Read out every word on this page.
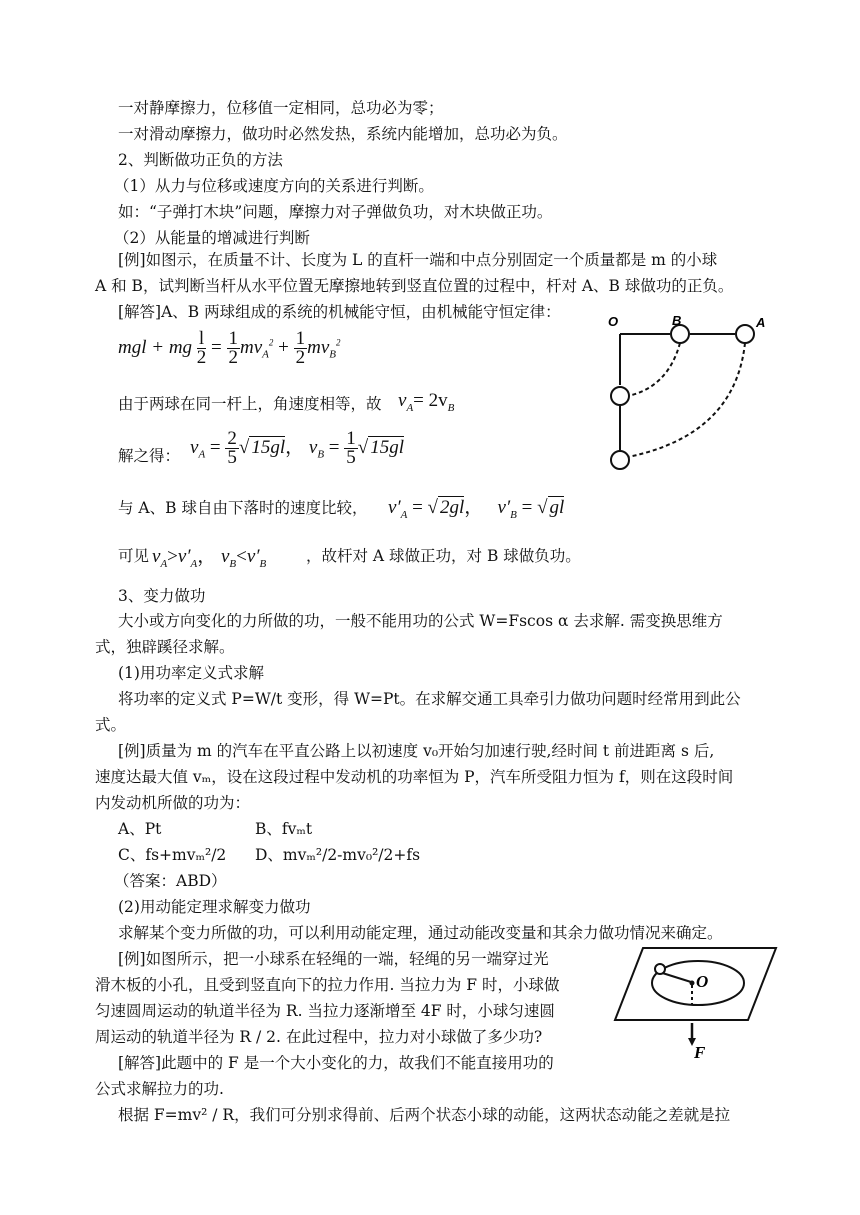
一对静摩擦力，位移值一定相同，总功必为零；
一对滑动摩擦力，做功时必然发热，系统内能增加，总功必为负。
2、判断做功正负的方法
（1）从力与位移或速度方向的关系进行判断。
如：“子弹打木块”问题，摩擦力对子弹做负功，对木块做正功。
（2）从能量的增减进行判断
[例]如图示，在质量不计、长度为 L 的直杆一端和中点分别固定一个质量都是 m 的小球
A 和 B，试判断当杆从水平位置无摩擦地转到竖直位置的过程中，杆对 A、B 球做功的正负。
[解答]A、B 两球组成的系统的机械能守恒，由机械能守恒定律：
mgl + mg $\frac{l}{2} = \frac{1}{2} mv_A^2 + \frac{1}{2} mv_B^2$
由于两球在同一杆上，角速度相等，故 $v_A= 2v_B$
解之得： $v_A = \frac{2}{5}$ √ 15gl， $v_B = \frac{1}{5}$ √ 15gl
与 A、B 球自由下落时的速度比较， $v'_A$ = √ 2gl， $v'_B$ = √ gl
可见 $v_A>v'_A$， $v_B<v'_B$	，故杆对 A 球做正功，对 B 球做负功。
3、变力做功
大小或方向变化的力所做的功，一般不能用功的公式 W=Fscos α 去求解. 需变换思维方
式，独辟蹊径求解。
(1)用功率定义式求解
将功率的定义式 P=W/t 变形，得 W=Pt。在求解交通工具牵引力做功问题时经常用到此公
式。
[例]质量为 m 的汽车在平直公路上以初速度 v₀开始匀加速行驶,经时间 t 前进距离 s 后,
速度达最大值 vₘ，设在这段过程中发动机的功率恒为 P，汽车所受阻力恒为 f，则在这段时间
内发动机所做的功为：
A、Pt	B、fvₘt
C、fs+mvₘ²/2 D、mvₘ²/2-mv₀²/2+fs
（答案：ABD）
(2)用动能定理求解变力做功
求解某个变力所做的功，可以利用动能定理，通过动能改变量和其余力做功情况来确定。
[例]如图所示，把一小球系在轻绳的一端，轻绳的另一端穿过光
滑木板的小孔，且受到竖直向下的拉力作用. 当拉力为 F 时，小球做
匀速圆周运动的轨道半径为 R. 当拉力逐渐增至 4F 时，小球匀速圆
周运动的轨道半径为 R / 2. 在此过程中，拉力对小球做了多少功?
[解答]此题中的 F 是一个大小变化的力，故我们不能直接用功的
公式求解拉力的功.
根据 F=mv² / R，我们可分别求得前、后两个状态小球的动能，这两状态动能之差就是拉
O	B	A
O
F
